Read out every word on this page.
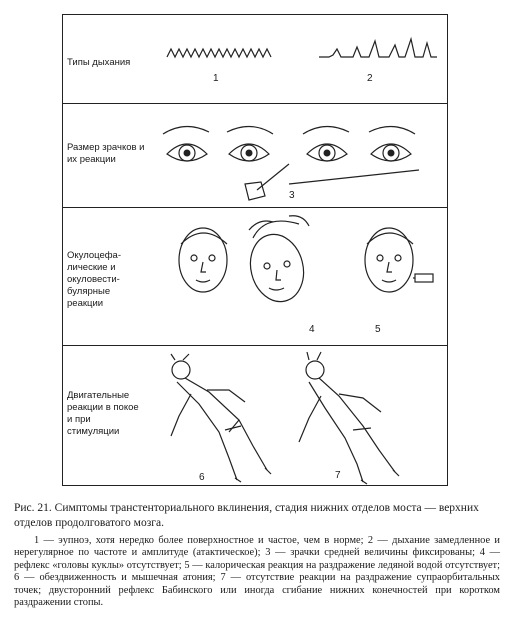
Типы дыхания
1	2
Размер зрачков и их реакции
3
Окулоцефа-лические и окуловести-булярные реакции
4	5
Двигательные реакции в покое и при стимуляции
6	7
Рис. 21. Симптомы транстенториального вклинения, стадия нижних отделов моста — верхних отделов продолговатого мозга.

1 — эупноэ, хотя нередко более поверхностное и частое, чем в норме; 2 — дыхание замедленное и нерегулярное по частоте и амплитуде (атактическое); 3 — зрачки средней величины фиксированы; 4 — рефлекс «головы куклы» отсутствует; 5 — калорическая реакция на раздражение ледяной водой отсутствует; 6 — обездвиженность и мышечная атония; 7 — отсутствие реакции на раздражение супраорбитальных точек; двусторонний рефлекс Бабинского или иногда сгибание нижних конечностей при коротком раздражении стопы.
